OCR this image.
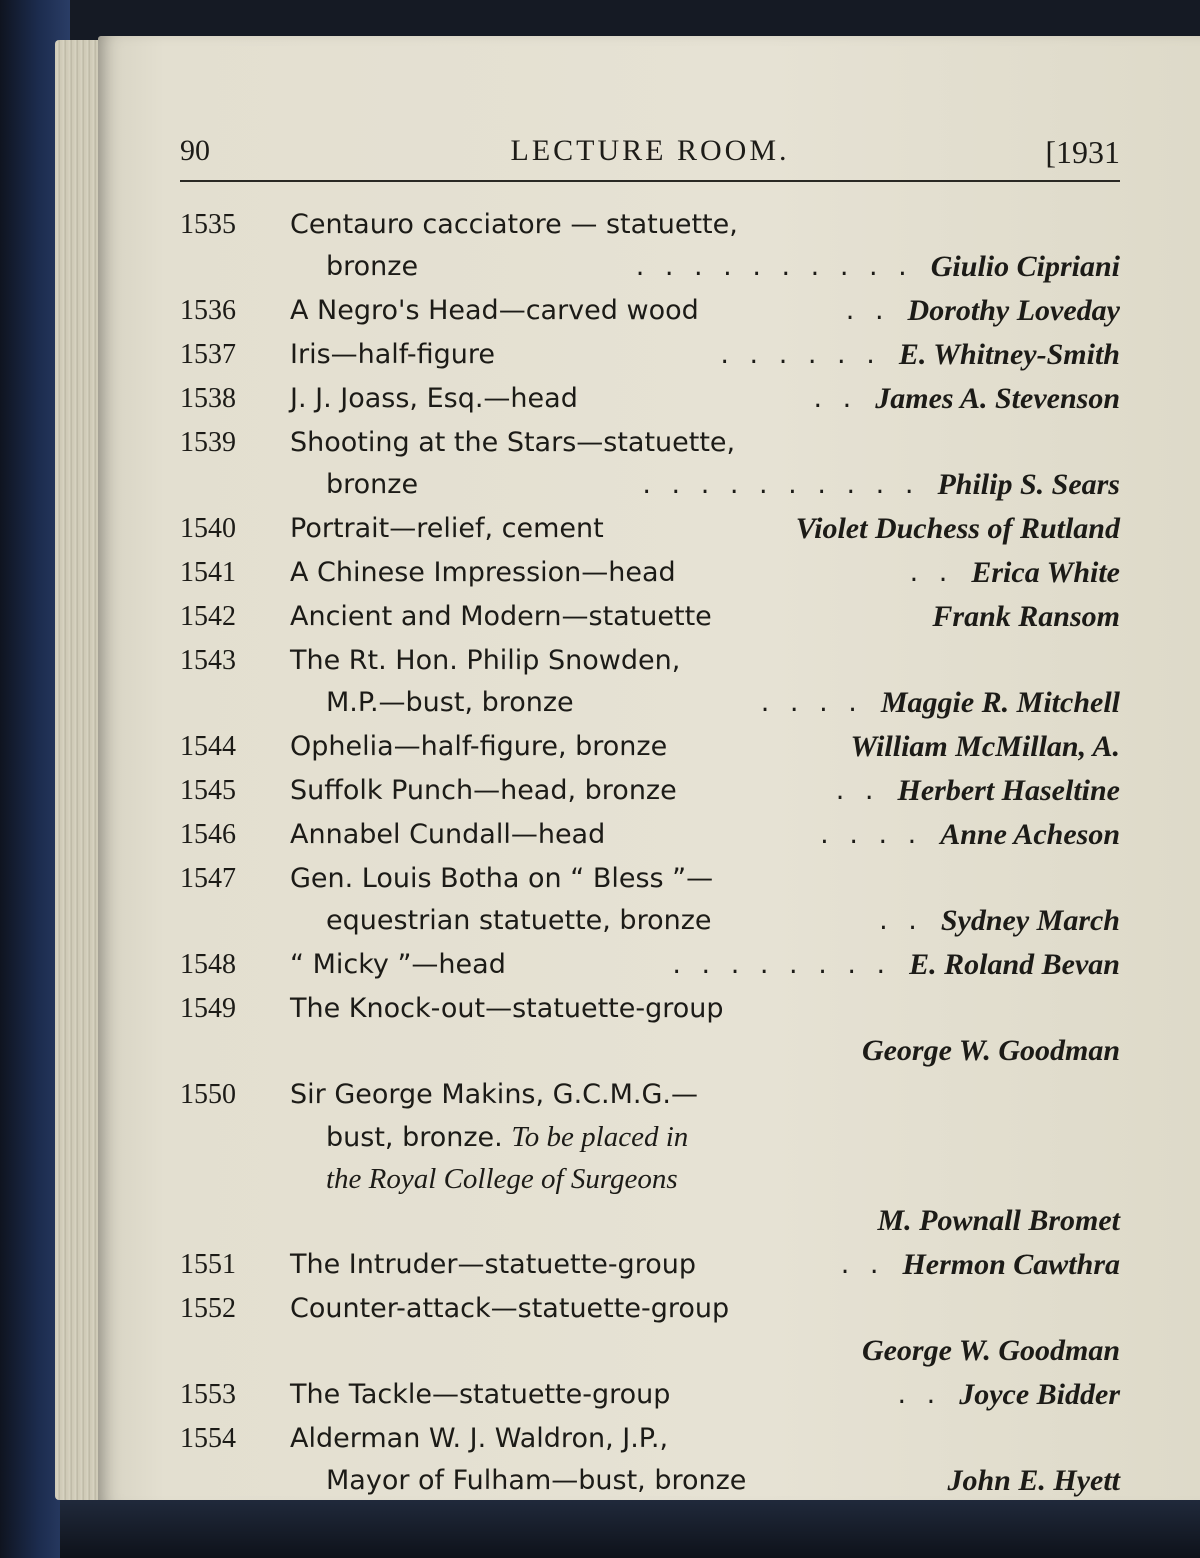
90	LECTURE ROOM.	[1931
1535 Centauro cacciatore — statuette,
bronze	Giulio Cipriani
. . . . . . . . . .
1536 A Negro's Head—carved wood	Dorothy Loveday
. .
1537 Iris—half-figure	E. Whitney-Smith
. . . . . .
1538 J. J. Joass, Esq.—head	James A. Stevenson
. .
1539 Shooting at the Stars—statuette,
bronze	Philip S. Sears
. . . . . . . . . .
1540 Portrait—relief, cement	Violet Duchess of Rutland
1541 A Chinese Impression—head	Erica White
. .
1542 Ancient and Modern—statuette	Frank Ransom
1543 The Rt. Hon. Philip Snowden,
M.P.—bust, bronze	Maggie R. Mitchell
. . . .
1544 Ophelia—half-figure, bronze	William McMillan, A.
1545 Suffolk Punch—head, bronze	Herbert Haseltine
. .
1546 Annabel Cundall—head	Anne Acheson
. . . .
1547 Gen. Louis Botha on “ Bless ”—
equestrian statuette, bronze	Sydney March
. .
1548 “ Micky ”—head	E. Roland Bevan
. . . . . . . .
1549 The Knock-out—statuette-group
George W. Goodman
1550 Sir George Makins, G.C.M.G.—
bust, bronze. To be placed in
the Royal College of Surgeons
M. Pownall Bromet
1551 The Intruder—statuette-group	Hermon Cawthra
. .
1552 Counter-attack—statuette-group
George W. Goodman
1553 The Tackle—statuette-group	Joyce Bidder
. .
1554 Alderman W. J. Waldron, J.P.,
Mayor of Fulham—bust, bronze	John E. Hyett
